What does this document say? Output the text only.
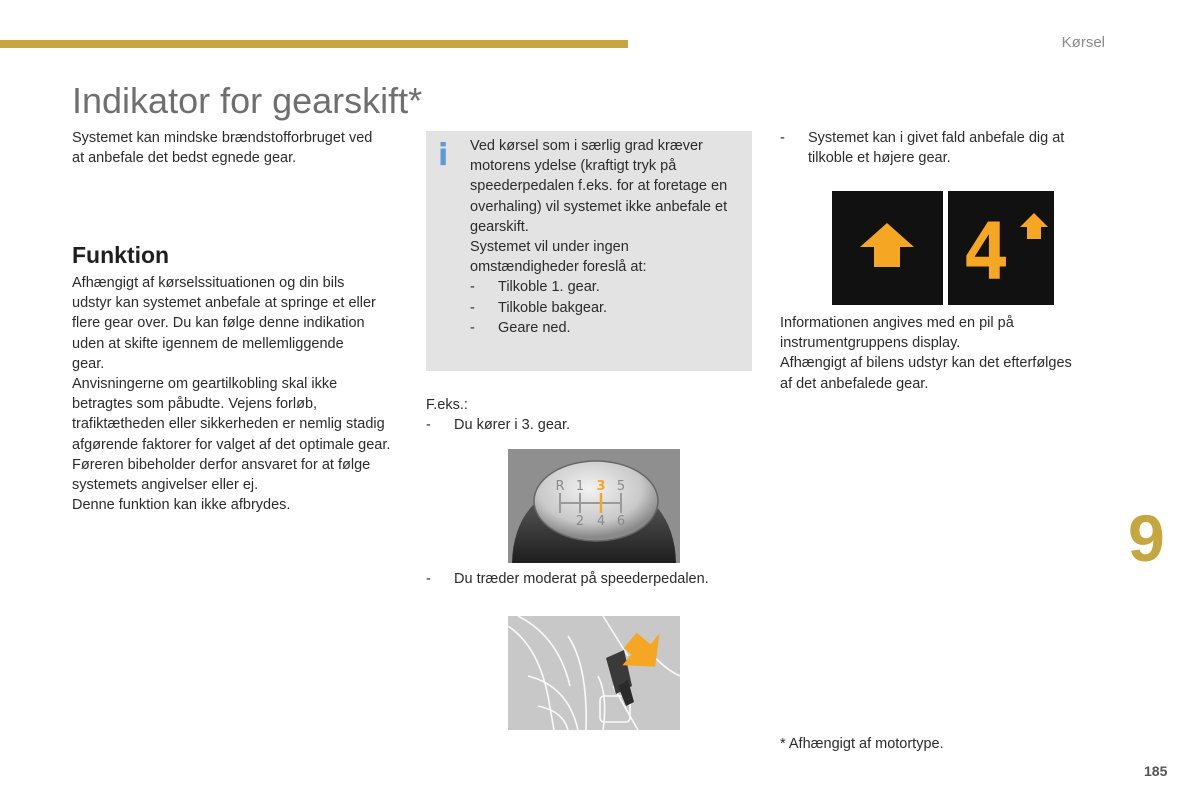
Kørsel
Indikator for gearskift*

Systemet kan mindske brændstofforbruget ved

at anbefale det bedst egnede gear.

Funktion

Afhængigt af kørselssituationen og din bils

udstyr kan systemet anbefale at springe et eller

flere gear over. Du kan følge denne indikation

uden at skifte igennem de mellemliggende

gear.

Anvisningerne om geartilkobling skal ikke

betragtes som påbudte. Vejens forløb,

trafiktætheden eller sikkerheden er nemlig stadig

afgørende faktorer for valget af det optimale gear.

Føreren bibeholder derfor ansvaret for at følge

systemets angivelser eller ej.

Denne funktion kan ikke afbrydes.

i Ved kørsel som i særlig grad kræver

motorens ydelse (kraftigt tryk på

speederpedalen f.eks. for at foretage en

overhaling) vil systemet ikke anbefale et

gearskift.

Systemet vil under ingen

omstændigheder foreslå at:

- Tilkoble 1. gear.
- Tilkoble bakgear.
- Geare ned.

F.eks.:

- Du kører i 3. gear.
R 1 3 5
2 4 6
- Du træder moderat på speederpedalen.
- Systemet kan i givet fald anbefale dig at
tilkoble et højere gear.
4

Informationen angives med en pil på

instrumentgruppens display.

Afhængigt af bilens udstyr kan det efterfølges

af det anbefalede gear.

* Afhængigt af motortype.
9
185
